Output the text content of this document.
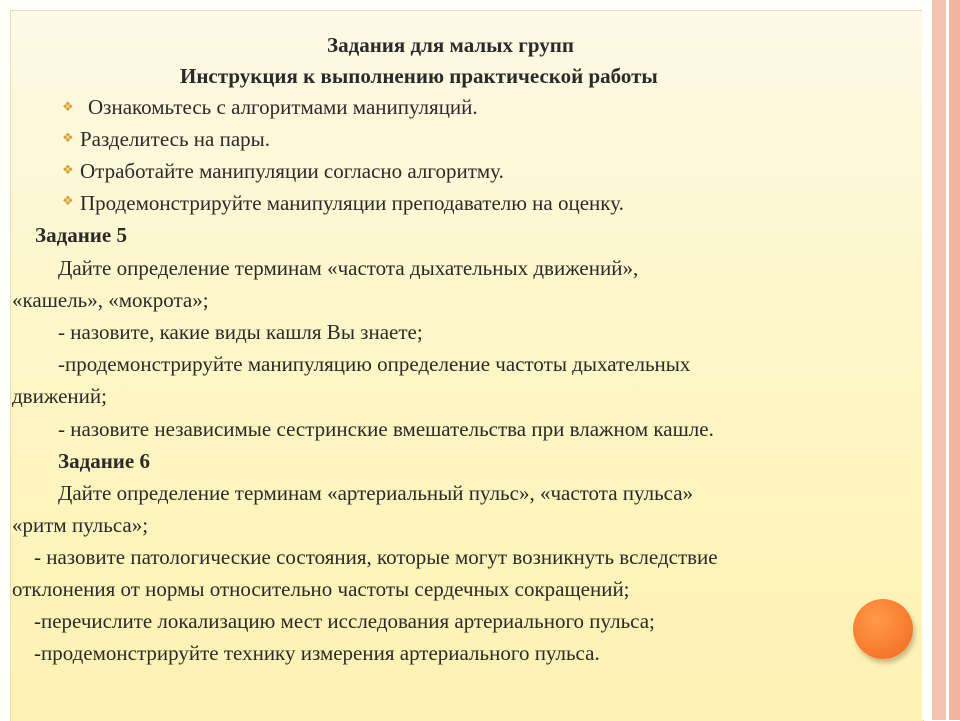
Задания для малых групп
Инструкция к выполнению практической работы
❖ Ознакомьтесь с алгоритмами манипуляций.
❖ Разделитесь на пары.
❖ Отработайте манипуляции согласно алгоритму.
❖ Продемонстрируйте манипуляции преподавателю на оценку.
Задание 5
Дайте определение терминам «частота дыхательных движений»,
«кашель», «мокрота»;
- назовите, какие виды кашля Вы знаете;
-продемонстрируйте манипуляцию определение частоты дыхательных
движений;
- назовите независимые сестринские вмешательства при влажном кашле.
Задание 6
Дайте определение терминам «артериальный пульс», «частота пульса»
«ритм пульса»;
- назовите патологические состояния, которые могут возникнуть вследствие
отклонения от нормы относительно частоты сердечных сокращений;
-перечислите локализацию мест исследования артериального пульса;
-продемонстрируйте технику измерения артериального пульса.
